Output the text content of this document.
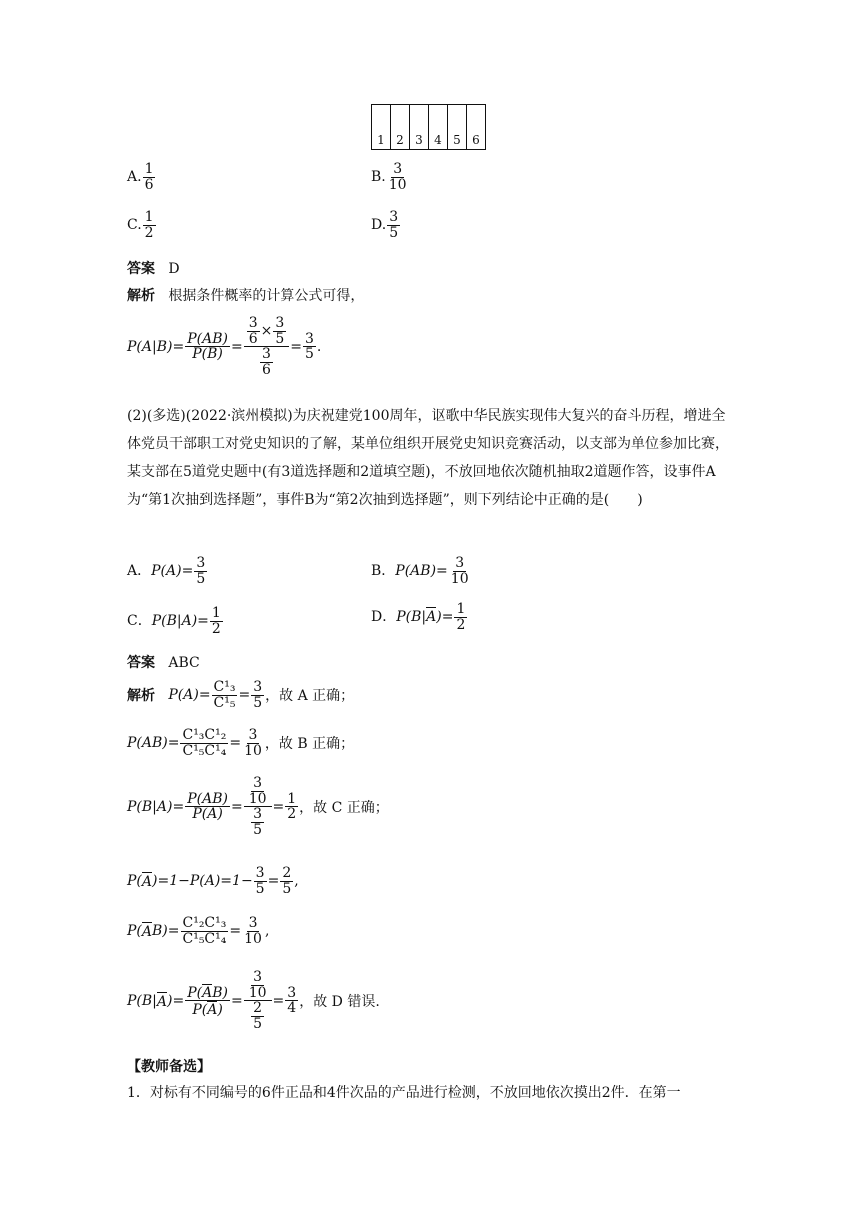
1 2 3 4 5 6
A. $\frac{1}{6}$	B. $\frac{3}{10}$
C. $\frac{1}{2}$	D. $\frac{3}{5}$
答案 D
解析 根据条件概率的计算公式可得，
$P(A|B)= \frac{P(AB)}{P(B)} = \frac{\frac{3}{6} \times \frac{3}{5}}{\frac{3}{6}} = \frac{3}{5}$ .
(2)(多选)(2022·滨州模拟)为庆祝建党100周年，讴歌中华民族实现伟大复兴的奋斗历程，增进全体党员干部职工对党史知识的了解，某单位组织开展党史知识竞赛活动，以支部为单位参加比赛，某支部在5道党史题中(有3道选择题和2道填空题)，不放回地依次随机抽取2道题作答，设事件A为“第1次抽到选择题”，事件B为“第2次抽到选择题”，则下列结论中正确的是(　　)
A．$P(A)= \frac{3}{5}$	B．$P(AB)= \frac{3}{10}$
C．$P(B|A)= \frac{1}{2}$	D．$P(B|A)= \frac{1}{2}$
答案 ABC
解析
$P(A)= \frac{\text{C¹₃}}{\text{C¹₅}} = \frac{3}{5}$ ，故 A 正确；
$P(AB)= \frac{\text{C¹₃C¹₂}}{\text{C¹₅C¹₄}} = \frac{3}{10}$ ，故 B 正确；
$P(B|A)= \frac{P(AB)}{P(A)} = \frac{\frac{3}{10}}{\frac{3}{5}} = \frac{1}{2}$ ，故 C 正确；
P( A )$=1-P(A)=1- \frac{3}{5} = \frac{2}{5}$ ,
P( A $B)= \frac{\text{C¹₂C¹₃}}{\text{C¹₅C¹₄}} = \frac{3}{10}$ ,
P(B| A )= $\frac{P(AB)}{P(A)} = \frac{\frac{3}{10}}{\frac{2}{5}} = \frac{3}{4}$ ，故 D 错误.
【教师备选】
1．对标有不同编号的6件正品和4件次品的产品进行检测，不放回地依次摸出2件．在第一
